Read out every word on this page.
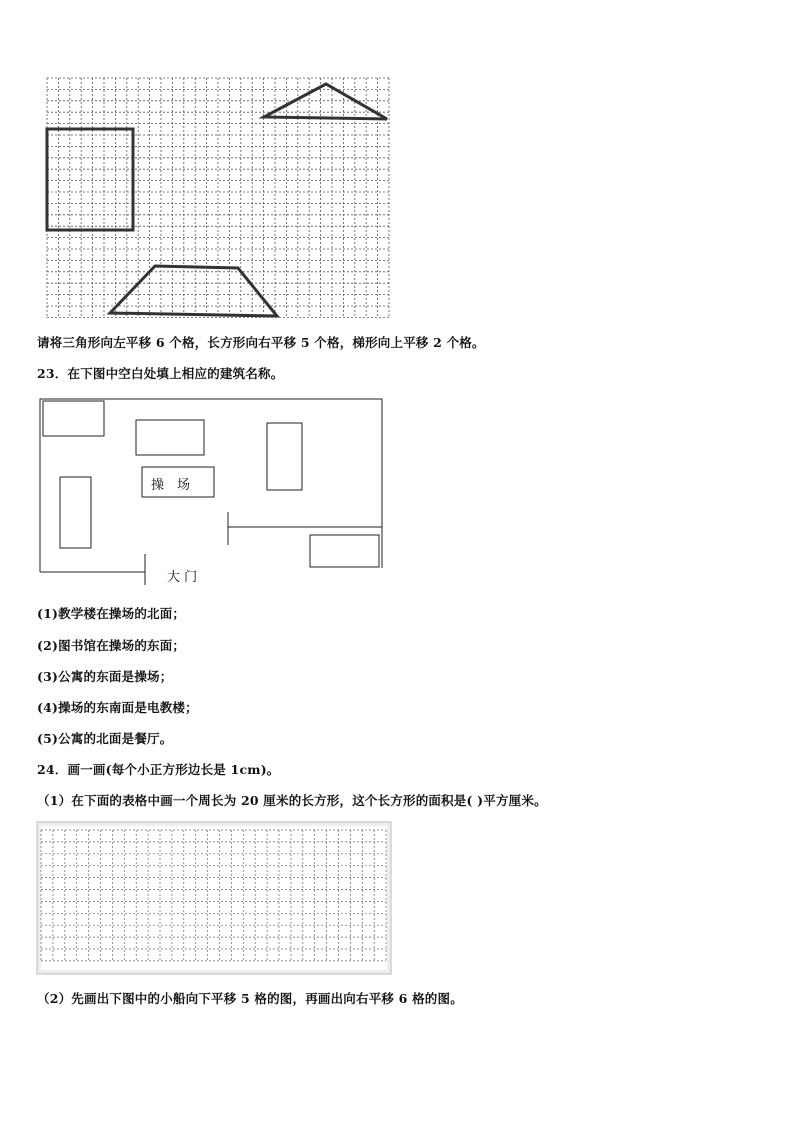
请将三角形向左平移 6 个格，长方形向右平移 5 个格，梯形向上平移 2 个格。
23．在下图中空白处填上相应的建筑名称。
操　场
大 门
(1)教学楼在操场的北面；
(2)图书馆在操场的东面；
(3)公寓的东面是操场；
(4)操场的东南面是电教楼；
(5)公寓的北面是餐厅。
24．画一画(每个小正方形边长是 1cm)。
（1）在下面的表格中画一个周长为 20 厘米的长方形，这个长方形的面积是( )平方厘米。
（2）先画出下图中的小船向下平移 5 格的图，再画出向右平移 6 格的图。
